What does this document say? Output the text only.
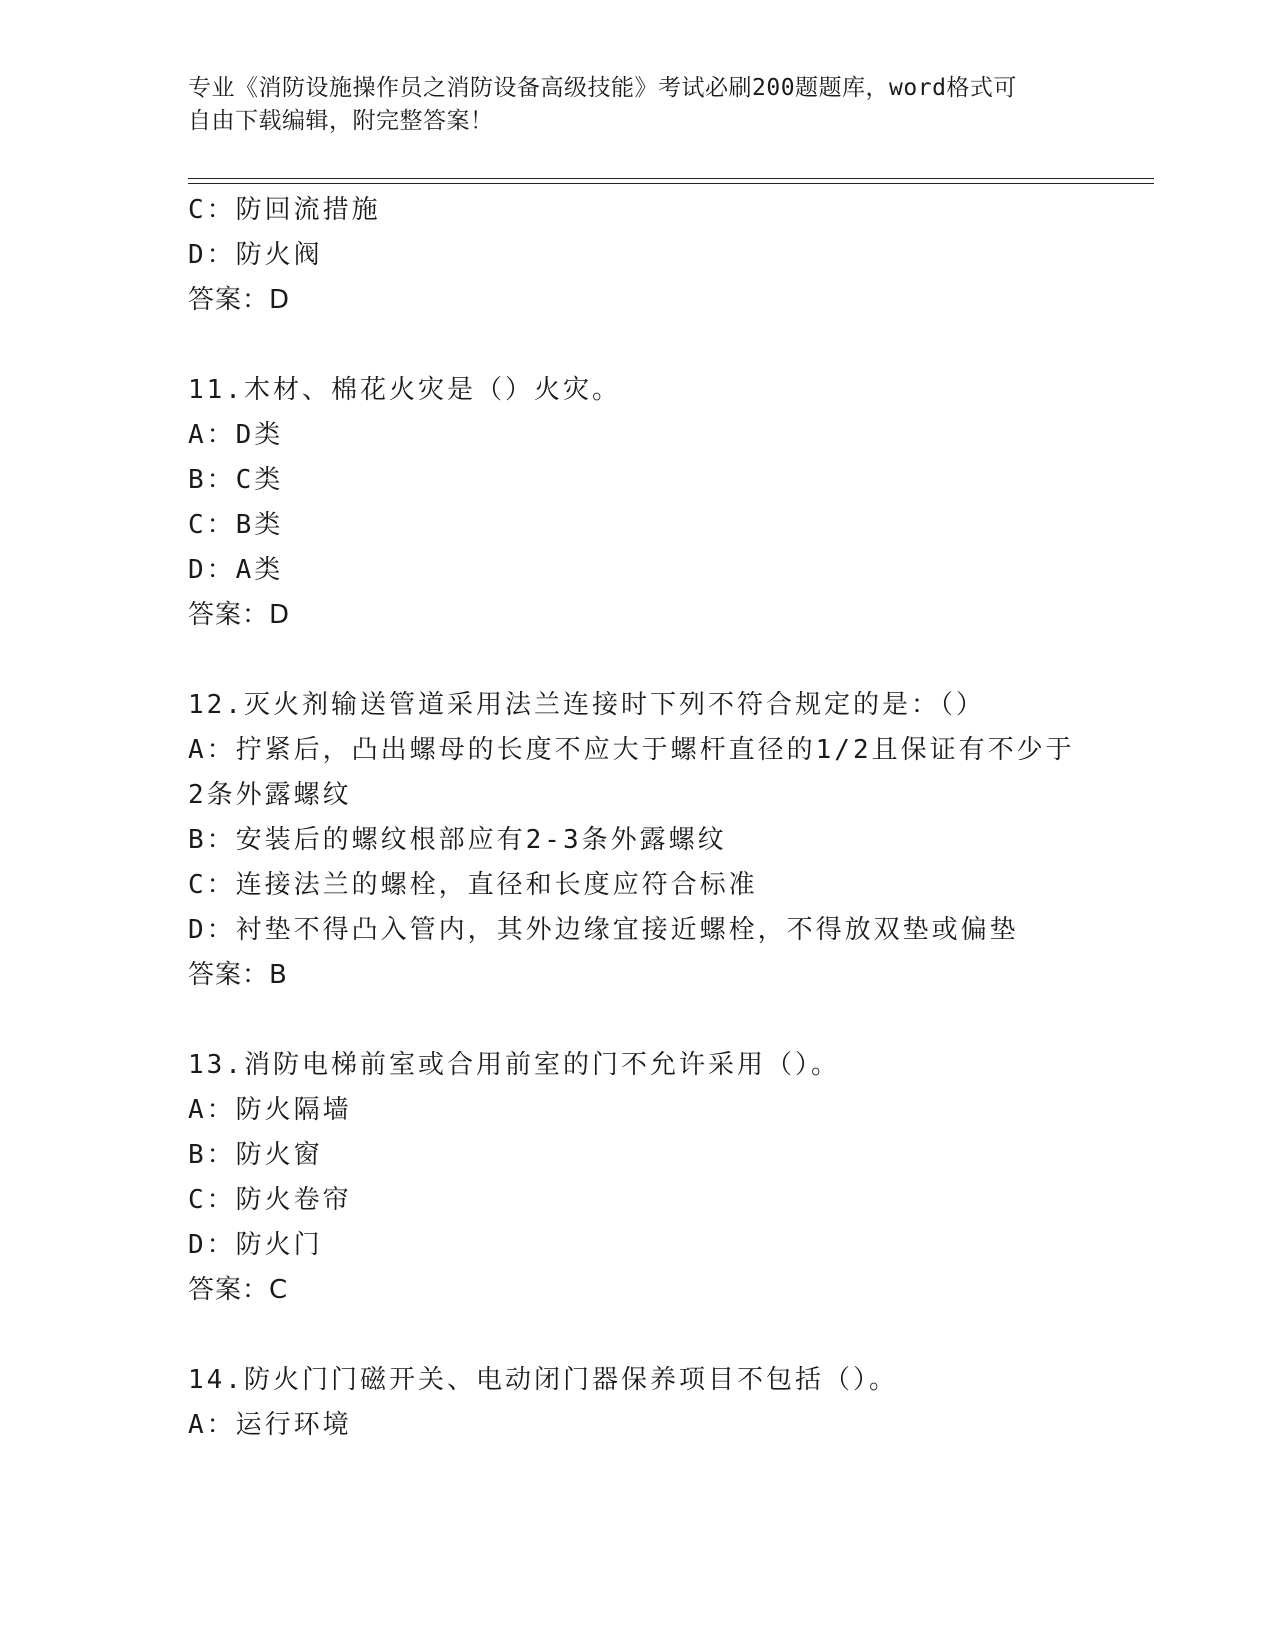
专业《消防设施操作员之消防设备高级技能》考试必刷200题题库，word格式可
自由下载编辑，附完整答案！
C：防回流措施
D：防火阀
答案：D
11.木材、棉花火灾是（）火灾。
A：D类
B：C类
C：B类
D：A类
答案：D
12.灭火剂输送管道采用法兰连接时下列不符合规定的是：（）
A：拧紧后，凸出螺母的长度不应大于螺杆直径的1/2且保证有不少于
2条外露螺纹
B：安装后的螺纹根部应有2-3条外露螺纹
C：连接法兰的螺栓，直径和长度应符合标准
D：衬垫不得凸入管内，其外边缘宜接近螺栓，不得放双垫或偏垫
答案：B
13.消防电梯前室或合用前室的门不允许采用（）。
A：防火隔墙
B：防火窗
C：防火卷帘
D：防火门
答案：C
14.防火门门磁开关、电动闭门器保养项目不包括（）。
A：运行环境
